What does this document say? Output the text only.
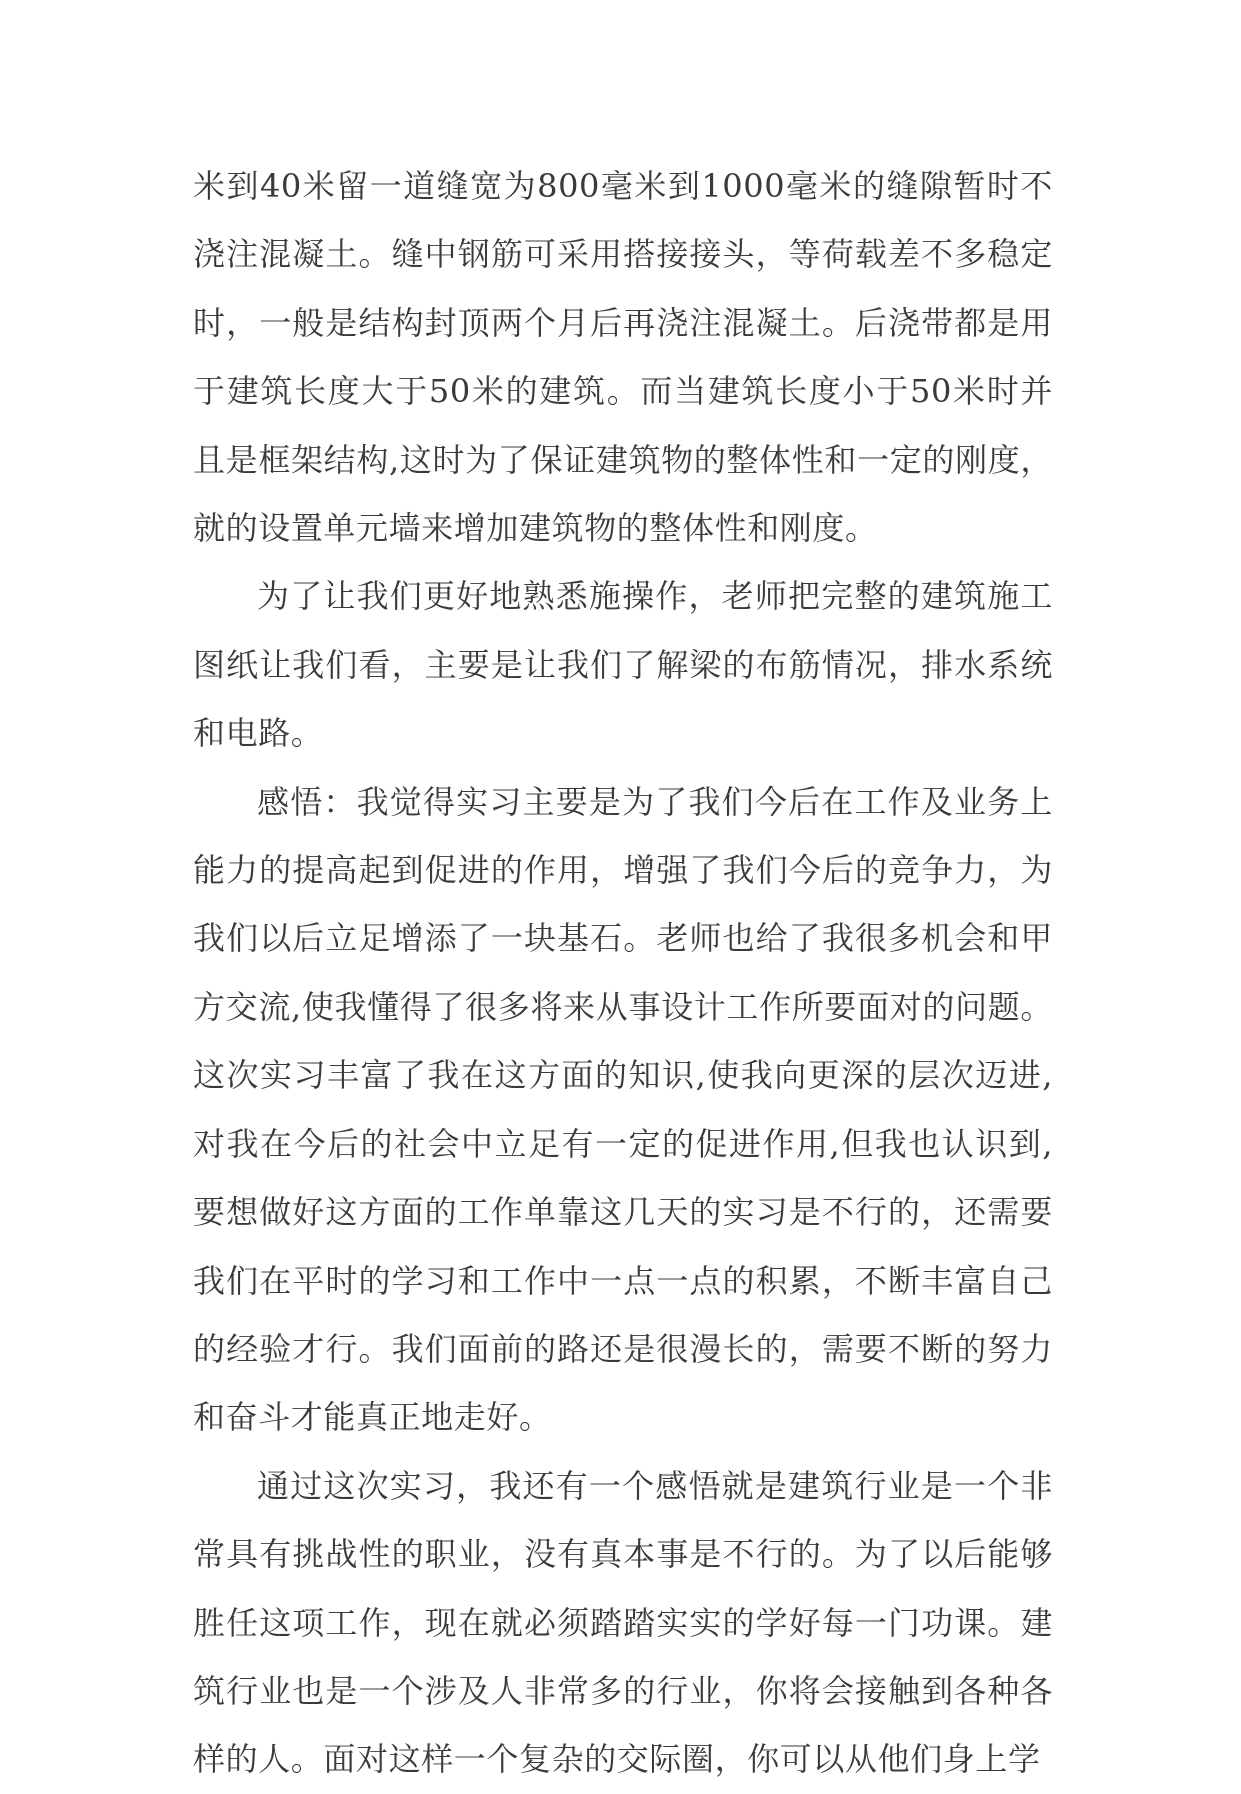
米到40米留一道缝宽为800毫米到1000毫米的缝隙暂时不浇注混凝土。缝中钢筋可采用搭接接头，等荷载差不多稳定时，一般是结构封顶两个月后再浇注混凝土。后浇带都是用于建筑长度大于50米的建筑。而当建筑长度小于50米时并且是框架结构,这时为了保证建筑物的整体性和一定的刚度，就的设置单元墙来增加建筑物的整体性和刚度。

为了让我们更好地熟悉施操作，老师把完整的建筑施工图纸让我们看，主要是让我们了解梁的布筋情况，排水系统和电路。

感悟：我觉得实习主要是为了我们今后在工作及业务上能力的提高起到促进的作用，增强了我们今后的竞争力，为我们以后立足增添了一块基石。老师也给了我很多机会和甲方交流,使我懂得了很多将来从事设计工作所要面对的问题。这次实习丰富了我在这方面的知识,使我向更深的层次迈进,对我在今后的社会中立足有一定的促进作用,但我也认识到,要想做好这方面的工作单靠这几天的实习是不行的，还需要我们在平时的学习和工作中一点一点的积累，不断丰富自己的经验才行。我们面前的路还是很漫长的，需要不断的努力和奋斗才能真正地走好。

通过这次实习，我还有一个感悟就是建筑行业是一个非常具有挑战性的职业，没有真本事是不行的。为了以后能够胜任这项工作，现在就必须踏踏实实的学好每一门功课。建筑行业也是一个涉及人非常多的行业，你将会接触到各种各样的人。面对这样一个复杂的交际圈，你可以从他们身上学
